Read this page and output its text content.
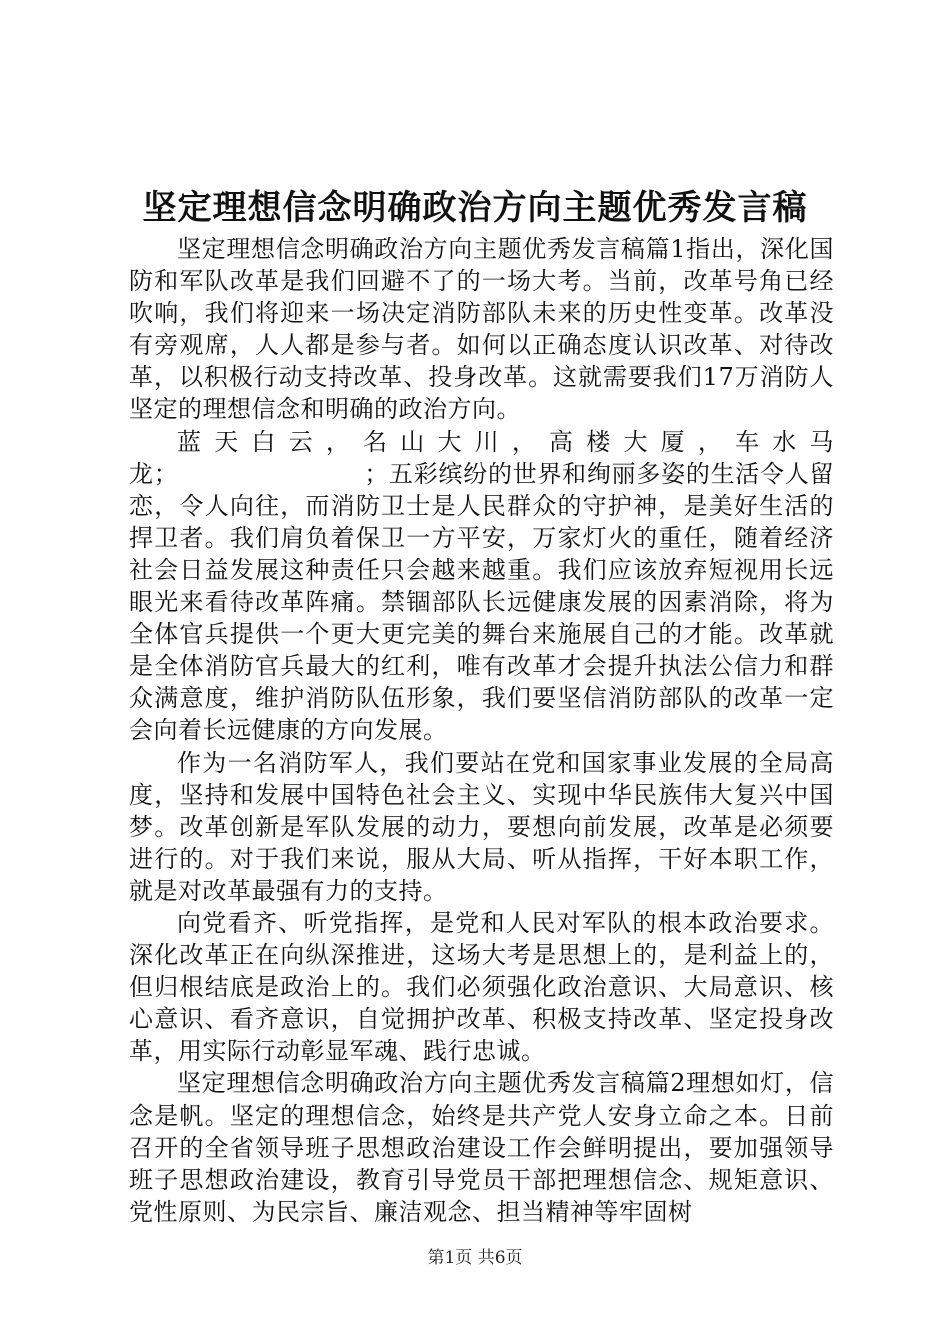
坚定理想信念明确政治方向主题优秀发言稿

坚定理想信念明确政治方向主题优秀发言稿篇1指出，深化国防和军队改革是我们回避不了的一场大考。当前，改革号角已经吹响，我们将迎来一场决定消防部队未来的历史性变革。改革没有旁观席，人人都是参与者。如何以正确态度认识改革、对待改革，以积极行动支持改革、投身改革。这就需要我们17万消防人坚定的理想信念和明确的政治方向。

蓝天白云，名山大川，高楼大厦，车水马龙；　　　　　　　　；五彩缤纷的世界和绚丽多姿的生活令人留恋，令人向往，而消防卫士是人民群众的守护神，是美好生活的捍卫者。我们肩负着保卫一方平安，万家灯火的重任，随着经济社会日益发展这种责任只会越来越重。我们应该放弃短视用长远眼光来看待改革阵痛。禁锢部队长远健康发展的因素消除，将为全体官兵提供一个更大更完美的舞台来施展自己的才能。改革就是全体消防官兵最大的红利，唯有改革才会提升执法公信力和群众满意度，维护消防队伍形象，我们要坚信消防部队的改革一定会向着长远健康的方向发展。

作为一名消防军人，我们要站在党和国家事业发展的全局高度，坚持和发展中国特色社会主义、实现中华民族伟大复兴中国梦。改革创新是军队发展的动力，要想向前发展，改革是必须要进行的。对于我们来说，服从大局、听从指挥，干好本职工作，就是对改革最强有力的支持。

向党看齐、听党指挥，是党和人民对军队的根本政治要求。深化改革正在向纵深推进，这场大考是思想上的，是利益上的，但归根结底是政治上的。我们必须强化政治意识、大局意识、核心意识、看齐意识，自觉拥护改革、积极支持改革、坚定投身改革，用实际行动彰显军魂、践行忠诚。

坚定理想信念明确政治方向主题优秀发言稿篇2理想如灯，信念是帆。坚定的理想信念，始终是共产党人安身立命之本。日前召开的全省领导班子思想政治建设工作会鲜明提出，要加强领导班子思想政治建设，教育引导党员干部把理想信念、规矩意识、党性原则、为民宗旨、廉洁观念、担当精神等牢固树

第1页 共6页
